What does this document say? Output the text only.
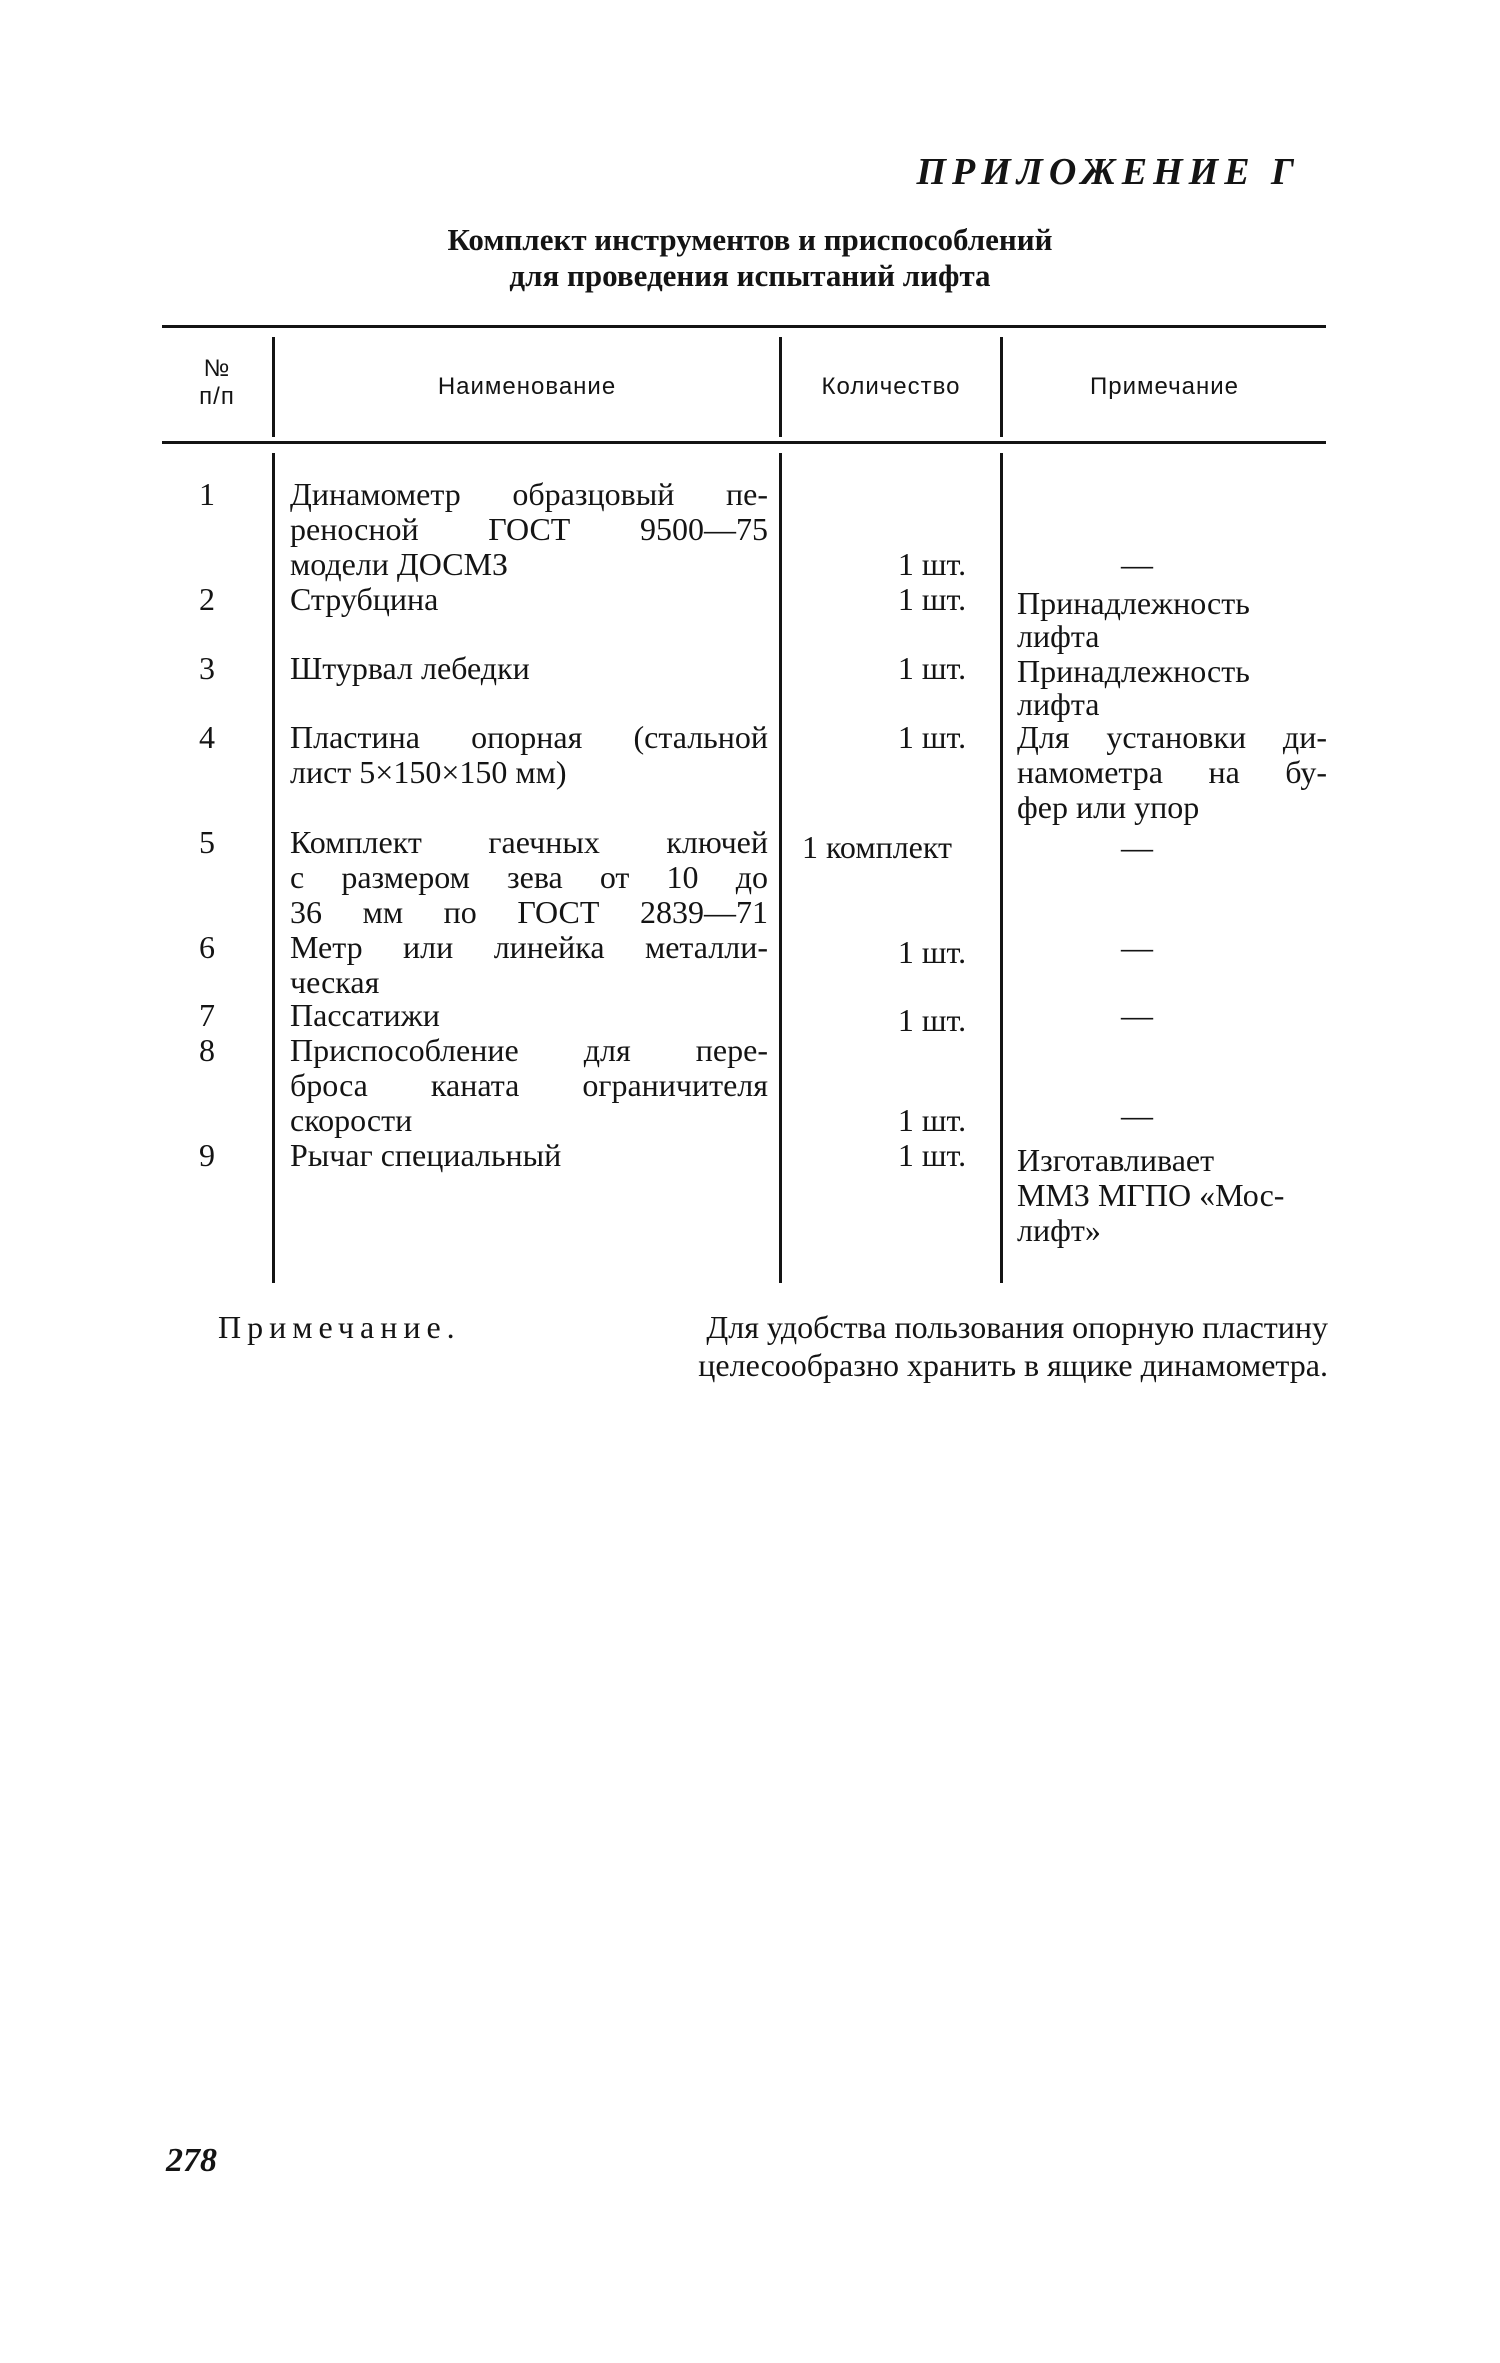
ПРИЛОЖЕНИЕ Г
Комплект инструментов и приспособлений
для проведения испытаний лифта
№
п/п	Наименование	Количество	Примечание
1	Динамометр образцовый пе-
реносной ГОСТ 9500—75
модели ДОСМЗ	1 шт.	—
2	Струбцина	1 шт.	Принадлежность
лифта
3	Штурвал лебедки	1 шт.	Принадлежность
лифта
4	Пластина опорная (стальной
лист 5×150×150 мм)
1 шт.	Для установки ди-
намометра на бу-
фер или упор
5	Комплект гаечных ключей
с размером зева от 10 до
36 мм по ГОСТ 2839—71
1 комплект	—
6	Метр или линейка металли-
ческая
1 шт.	—
7	Пассатижи	1 шт.	—
8	Приспособление для пере-
броса каната ограничителя
скорости	1 шт.	—
9	Рычаг специальный	1 шт.	Изготавливает
ММЗ МГПО «Мос-
лифт»
Примечание.	Для удобства пользования опорную пластину
целесообразно хранить в ящике динамометра.
278
